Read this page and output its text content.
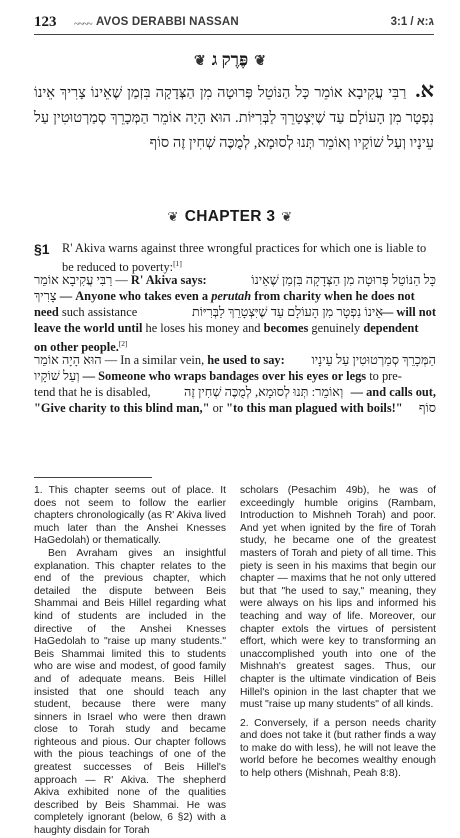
123 ~~~~ AVOS DERABBI NASSAN	3:1 / ג:א
❦פֶּרֶק ג❦
א. רַבִּי עֲקִיבָא אוֹמֵר כָּל הַנּוֹטֵל פְּרוּטָה מִן הַצְּדָקָה בִּזְמַן שֶׁאֵינוֹ צָרִיךְ אֵינוֹ נִפְטָר מִן הָעוֹלָם עַד שֶׁיִּצְטָרֵךְ לַבְּרִיּוֹת. הוּא הָיָה אוֹמֵר הַמְּכָרֵךְ סְמַרְטוּטִין עַל עֵינָיו וְעַל שׁוֹקָיו וְאוֹמֵר תְּנוּ לְסוּמָא, לְמֻכֶּה שְׁחִין זֶה סוֹף
❦ CHAPTER 3 ❦
§1 R' Akiva warns against three wrongful practices for which one is liable to
be reduced to poverty:[1]
רַבִּי עֲקִיבָא אוֹמֵר — R' Akiva says:	כָּל הַנּוֹטֵל פְּרוּטָה מִן הַצְּדָקָה בִּזְמַן שֶׁאֵינוֹ
צָרִיךְ — Anyone who takes even a perutah from charity when he does not
need such assistance	אֵינוֹ נִפְטָר מִן הָעוֹלָם עַד שֶׁיִּצְטָרֵךְ לַבְּרִיּוֹת
— will not
leave the world until he loses his money and becomes genuinely dependent
on other people.[2]
הוּא הָיָה אוֹמֵר — In a similar vein, he used to say: הַמְּכָרֵךְ סְמַרְטוּטִין עַל עֵינָיו
וְעַל שׁוֹקָיו — Someone who wraps bandages over his eyes or legs to pre-
tend that he is disabled,	וְאוֹמֵר: תְּנוּ לְסוּמָא, לְמֻכֶּה שְׁחִין זֶה — and calls out,
"Give charity to this blind man," or "to this man plagued with boils!" סוֹף

1. This chapter seems out of place. It does not seem to follow the earlier chapters chronologically (as R' Akiva lived much later than the Anshei Knesses HaGedolah) or thematically.

Ben Avraham gives an insightful explanation. This chapter relates to the end of the previous chapter, which detailed the dispute between Beis Shammai and Beis Hillel regarding what kind of students are included in the directive of the Anshei Knesses HaGedolah to "raise up many students." Beis Shammai limited this to students who are wise and modest, of good family and of adequate means. Beis Hillel insisted that one should teach any student, because there were many sinners in Israel who were then drawn close to Torah study and became righteous and pious. Our chapter follows with the pious teachings of one of the greatest successes of Beis Hillel's approach — R' Akiva. The shepherd Akiva exhibited none of the qualities described by Beis Shammai. He was completely ignorant (below, 6 §2) with a haughty disdain for Torah

scholars (Pesachim 49b), he was of exceedingly humble origins (Rambam, Introduction to Mishneh Torah) and poor. And yet when ignited by the fire of Torah study, he became one of the greatest masters of Torah and piety of all time. This piety is seen in his maxims that begin our chapter — maxims that he not only uttered but that "he used to say," meaning, they were always on his lips and informed his teaching and way of life. Moreover, our chapter extols the virtues of persistent effort, which were key to transforming an unaccomplished youth into one of the Mishnah's greatest sages. Thus, our chapter is the ultimate vindication of Beis Hillel's opinion in the last chapter that we must "raise up many students" of all kinds.

2. Conversely, if a person needs charity and does not take it (but rather finds a way to make do with less), he will not leave the world before he becomes wealthy enough to help others (Mishnah, Peah 8:8).
